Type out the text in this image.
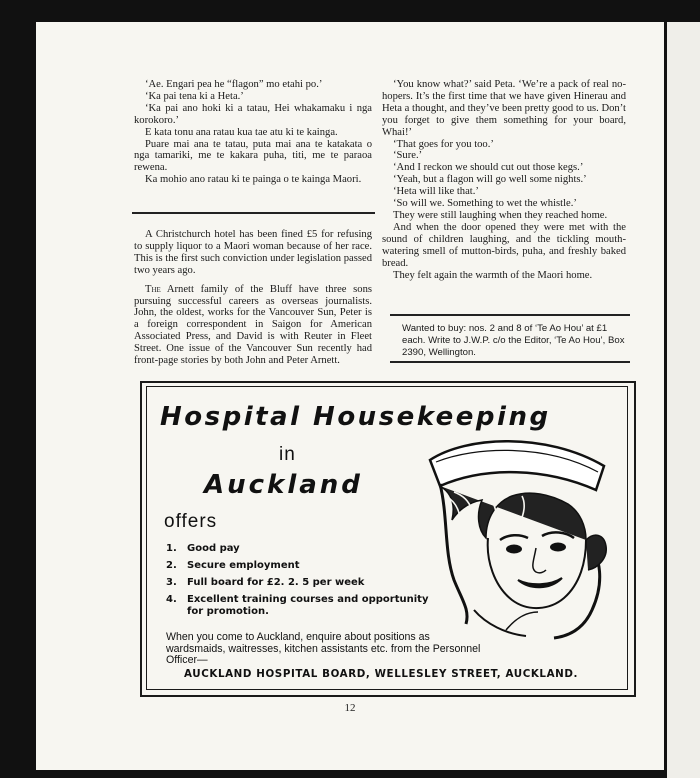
‘Ae. Engari pea he “flagon” mo etahi po.’

‘Ka pai tena ki a Heta.’

‘Ka pai ano hoki ki a tatau, Hei whakamaku i nga korokoro.’

E kata tonu ana ratau kua tae atu ki te kainga.

Puare mai ana te tatau, puta mai ana te katakata o nga tamariki, me te kakara puha, titi, me te paraoa rewena.

Ka mohio ano ratau ki te painga o te kainga Maori.

A Christchurch hotel has been fined £5 for refusing to supply liquor to a Maori woman because of her race. This is the first such conviction under legislation passed two years ago.

The Arnett family of the Bluff have three sons pursuing successful careers as overseas journalists. John, the oldest, works for the Vancouver Sun, Peter is a foreign correspondent in Saigon for American Associated Press, and David is with Reuter in Fleet Street. One issue of the Vancouver Sun recently had front-page stories by both John and Peter Arnett.

‘You know what?’ said Peta. ‘We’re a pack of real no-hopers. It’s the first time that we have given Hinerau and Heta a thought, and they’ve been pretty good to us. Don’t you forget to give them something for your board, Whai!’

‘That goes for you too.’

‘Sure.’

‘And I reckon we should cut out those kegs.’

‘Yeah, but a flagon will go well some nights.’

‘Heta will like that.’

‘So will we. Something to wet the whistle.’

They were still laughing when they reached home.

And when the door opened they were met with the sound of children laughing, and the tickling mouth-watering smell of mutton-birds, puha, and freshly baked bread.

They felt again the warmth of the Maori home.

Wanted to buy: nos. 2 and 8 of ‘Te Ao Hou’ at £1 each. Write to J.W.P. c/o the Editor, ‘Te Ao Hou’, Box 2390, Wellington.
Hospital Housekeeping
in
Auckland
offers
1. Good pay
2. Secure employment
3. Full board for £2. 2. 5 per week
4. Excellent training courses and opportunity for promotion.
When you come to Auckland, enquire about positions as wardsmaids, waitresses, kitchen assistants etc. from the Personnel Officer—
AUCKLAND HOSPITAL BOARD, WELLESLEY STREET, AUCKLAND.
12
